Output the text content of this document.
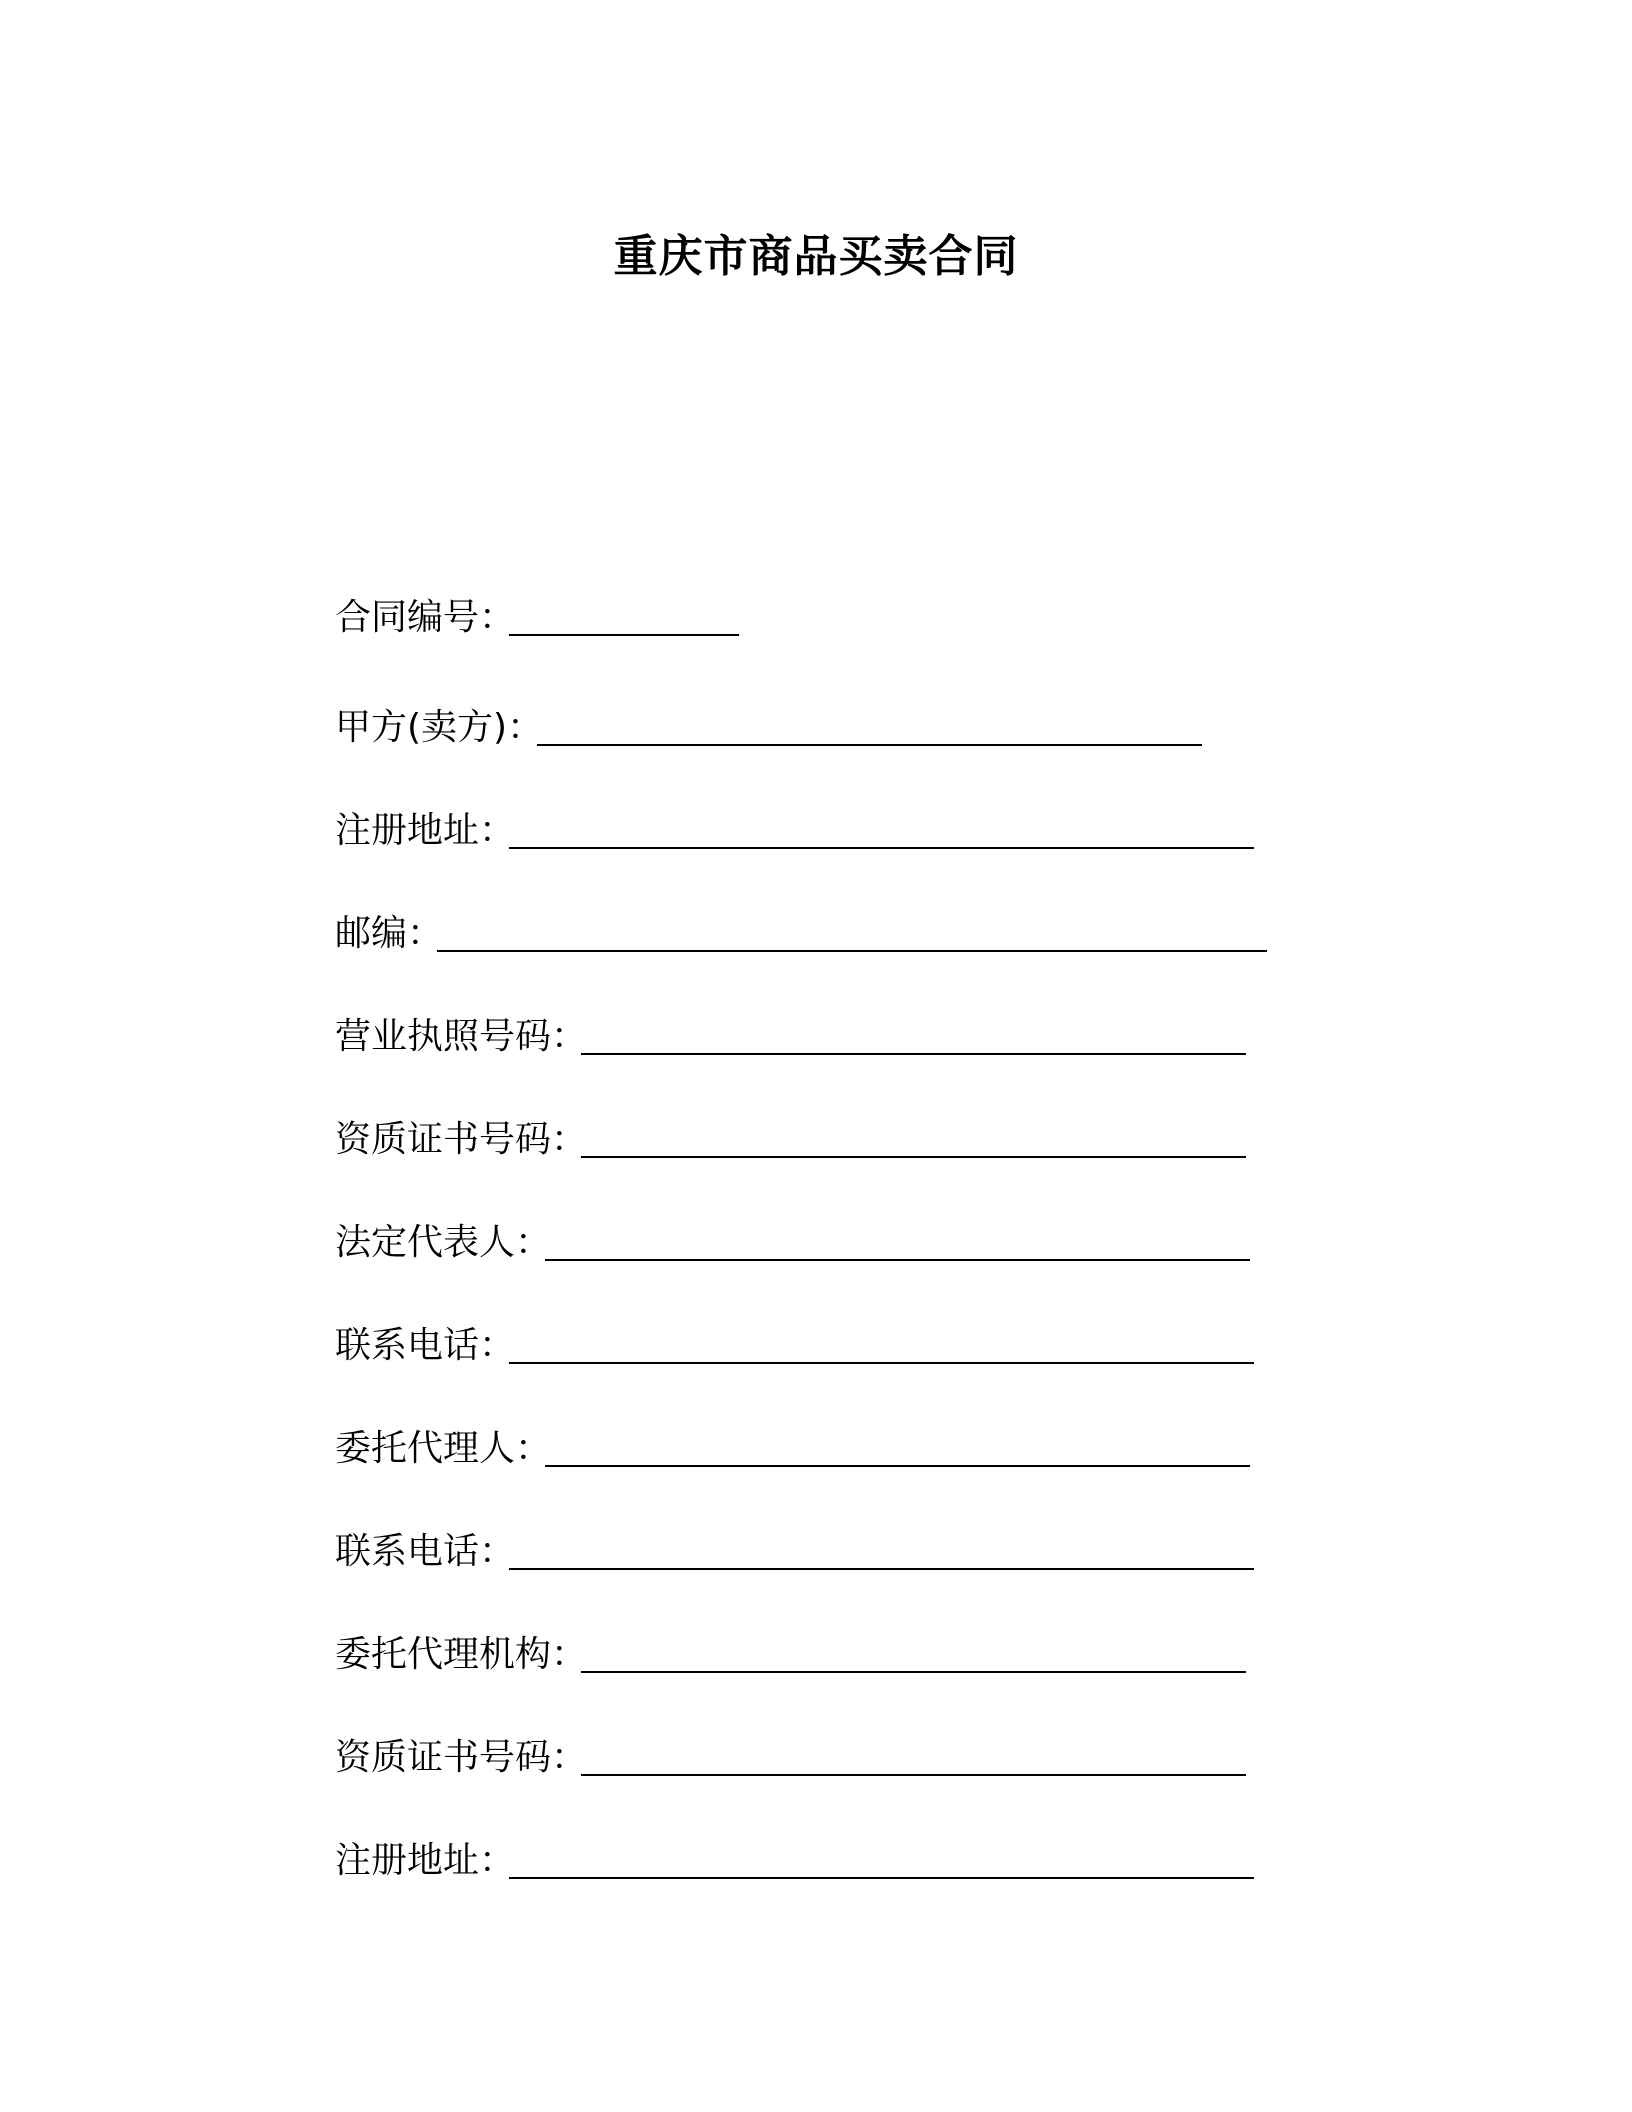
重庆市商品买卖合同
合同编号 ：
甲方(卖方) ：
注册地址 ：
邮编 ：
营业执照号码 ：
资质证书号码 ：
法定代表人 ：
联系电话 ：
委托代理人 ：
联系电话 ：
委托代理机构 ：
资质证书号码 ：
注册地址 ：
